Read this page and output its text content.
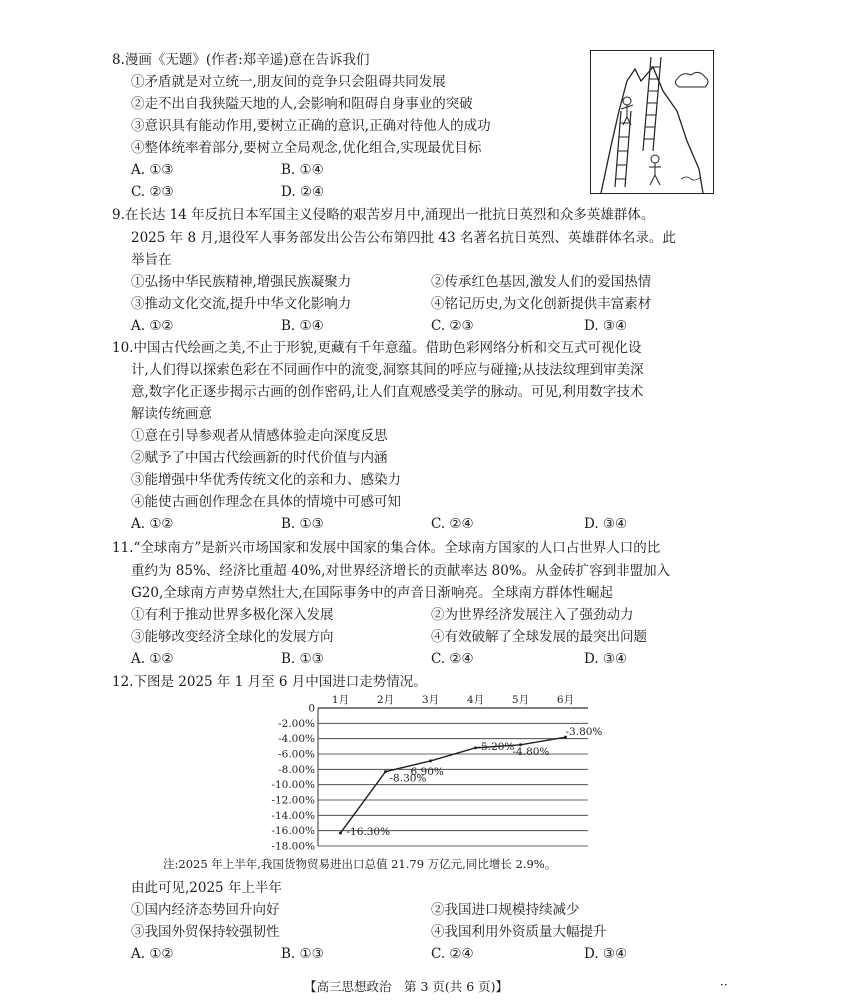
8.漫画《无题》(作者:郑辛遥)意在告诉我们
①矛盾就是对立统一,朋友间的竞争只会阻碍共同发展
②走不出自我狭隘天地的人,会影响和阻碍自身事业的突破
③意识具有能动作用,要树立正确的意识,正确对待他人的成功
④整体统率着部分,要树立全局观念,优化组合,实现最优目标
A. ①③	B. ①④
C. ②③	D. ②④
9.在长达 14 年反抗日本军国主义侵略的艰苦岁月中,涌现出一批抗日英烈和众多英雄群体。
2025 年 8 月,退役军人事务部发出公告公布第四批 43 名著名抗日英烈、英雄群体名录。此
举旨在
①弘扬中华民族精神,增强民族凝聚力	②传承红色基因,激发人们的爱国热情
③推动文化交流,提升中华文化影响力	④铭记历史,为文化创新提供丰富素材
A. ①②	B. ①④	C. ②③	D. ③④
10.中国古代绘画之美,不止于形貌,更藏有千年意蕴。借助色彩网络分析和交互式可视化设
计,人们得以探索色彩在不同画作中的流变,洞察其间的呼应与碰撞;从技法纹理到审美深
意,数字化正逐步揭示古画的创作密码,让人们直观感受美学的脉动。可见,利用数字技术
解读传统画意
①意在引导参观者从情感体验走向深度反思
②赋予了中国古代绘画新的时代价值与内涵
③能增强中华优秀传统文化的亲和力、感染力
④能使古画创作理念在具体的情境中可感可知
A. ①②	B. ①③	C. ②④	D. ③④
11.“全球南方”是新兴市场国家和发展中国家的集合体。全球南方国家的人口占世界人口的比
重约为 85%、经济比重超 40%,对世界经济增长的贡献率达 80%。从金砖扩容到非盟加入
G20,全球南方声势卓然壮大,在国际事务中的声音日渐响亮。全球南方群体性崛起
①有利于推动世界多极化深入发展	②为世界经济发展注入了强劲动力
③能够改变经济全球化的发展方向	④有效破解了全球发展的最突出问题
A. ①②	B. ①③	C. ②④	D. ③④
12.下图是 2025 年 1 月至 6 月中国进口走势情况。
0
-2.00%
-4.00%
-6.00%
-8.00%
-10.00%
-12.00%
-14.00%
-16.00%
-18.00%
1月	2月	3月	4月	5月	6月
-16.30%
-8.30%
6.90%
-5.20%
-4.80%
-3.80%
注:2025 年上半年,我国货物贸易进出口总值 21.79 万亿元,同比增长 2.9%。
由此可见,2025 年上半年
①国内经济态势回升向好	②我国进口规模持续减少
③我国外贸保持较强韧性	④我国利用外资质量大幅提升
A. ①②	B. ①③	C. ②④	D. ③④
【高三思想政治　第 3 页(共 6 页)】	··
